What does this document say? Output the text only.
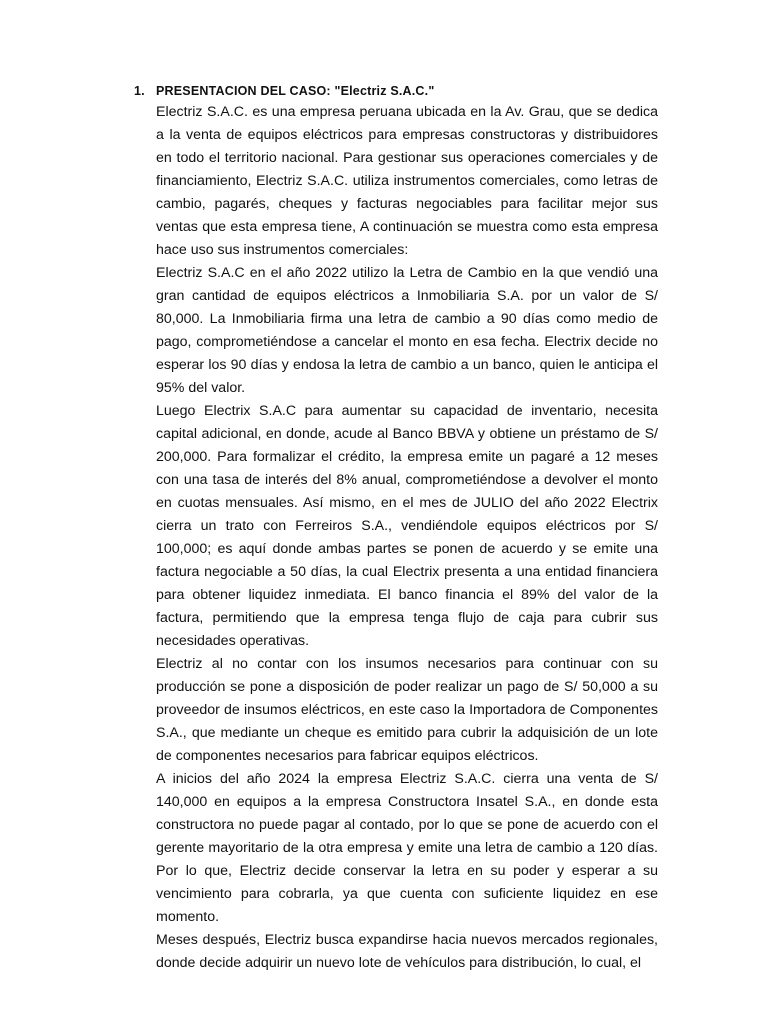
1. PRESENTACION DEL CASO: "Electriz S.A.C."

Electriz S.A.C. es una empresa peruana ubicada en la Av. Grau, que se dedica a la venta de equipos eléctricos para empresas constructoras y distribuidores en todo el territorio nacional. Para gestionar sus operaciones comerciales y de financiamiento, Electriz S.A.C. utiliza instrumentos comerciales, como letras de cambio, pagarés, cheques y facturas negociables para facilitar mejor sus ventas que esta empresa tiene, A continuación se muestra como esta empresa hace uso sus instrumentos comerciales:

Electriz S.A.C en el año 2022 utilizo la Letra de Cambio en la que vendió una gran cantidad de equipos eléctricos a Inmobiliaria S.A. por un valor de S/ 80,000. La Inmobiliaria firma una letra de cambio a 90 días como medio de pago, comprometiéndose a cancelar el monto en esa fecha. Electrix decide no esperar los 90 días y endosa la letra de cambio a un banco, quien le anticipa el 95% del valor.

Luego Electrix S.A.C para aumentar su capacidad de inventario, necesita capital adicional, en donde, acude al Banco BBVA y obtiene un préstamo de S/ 200,000. Para formalizar el crédito, la empresa emite un pagaré a 12 meses con una tasa de interés del 8% anual, comprometiéndose a devolver el monto en cuotas mensuales. Así mismo, en el mes de JULIO del año 2022 Electrix cierra un trato con Ferreiros S.A., vendiéndole equipos eléctricos por S/ 100,000; es aquí donde ambas partes se ponen de acuerdo y se emite una factura negociable a 50 días, la cual Electrix presenta a una entidad financiera para obtener liquidez inmediata. El banco financia el 89% del valor de la factura, permitiendo que la empresa tenga flujo de caja para cubrir sus necesidades operativas.

Electriz al no contar con los insumos necesarios para continuar con su producción se pone a disposición de poder realizar un pago de S/ 50,000 a su proveedor de insumos eléctricos, en este caso la Importadora de Componentes S.A., que mediante un cheque es emitido para cubrir la adquisición de un lote de componentes necesarios para fabricar equipos eléctricos.

A inicios del año 2024 la empresa Electriz S.A.C. cierra una venta de S/ 140,000 en equipos a la empresa Constructora Insatel S.A., en donde esta constructora no puede pagar al contado, por lo que se pone de acuerdo con el gerente mayoritario de la otra empresa y emite una letra de cambio a 120 días. Por lo que, Electriz decide conservar la letra en su poder y esperar a su vencimiento para cobrarla, ya que cuenta con suficiente liquidez en ese momento.

Meses después, Electriz busca expandirse hacia nuevos mercados regionales, donde decide adquirir un nuevo lote de vehículos para distribución, lo cual, el
